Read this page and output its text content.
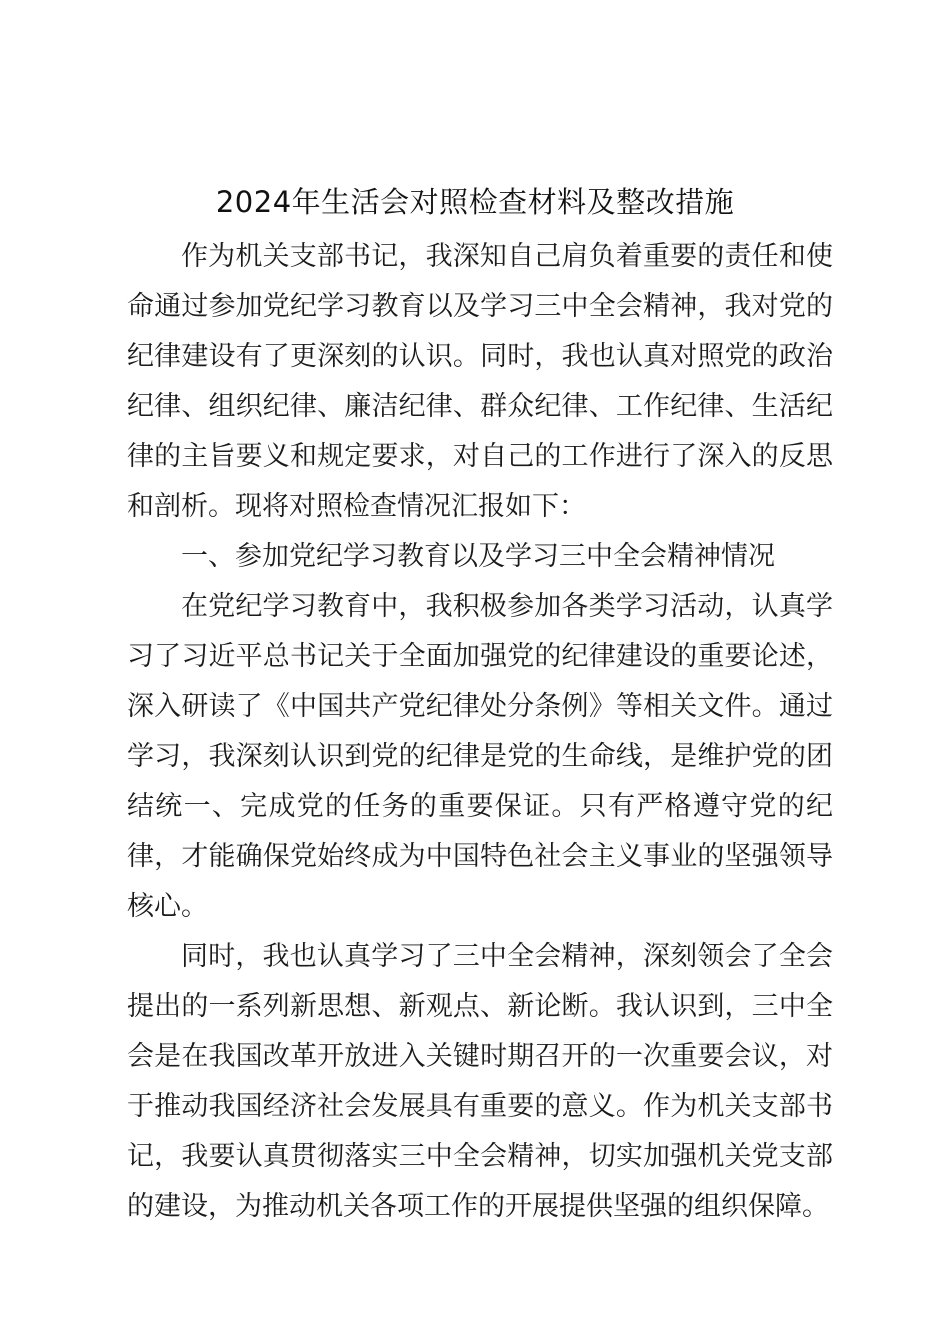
2024年生活会对照检查材料及整改措施

作为机关支部书记，我深知自己肩负着重要的责任和使命通过参加党纪学习教育以及学习三中全会精神，我对党的纪律建设有了更深刻的认识。同时，我也认真对照党的政治纪律、组织纪律、廉洁纪律、群众纪律、工作纪律、生活纪律的主旨要义和规定要求，对自己的工作进行了深入的反思和剖析。现将对照检查情况汇报如下：

一、参加党纪学习教育以及学习三中全会精神情况

在党纪学习教育中，我积极参加各类学习活动，认真学习了习近平总书记关于全面加强党的纪律建设的重要论述，深入研读了《中国共产党纪律处分条例》等相关文件。通过学习，我深刻认识到党的纪律是党的生命线，是维护党的团结统一、完成党的任务的重要保证。只有严格遵守党的纪律，才能确保党始终成为中国特色社会主义事业的坚强领导核心。

同时，我也认真学习了三中全会精神，深刻领会了全会提出的一系列新思想、新观点、新论断。我认识到，三中全会是在我国改革开放进入关键时期召开的一次重要会议，对于推动我国经济社会发展具有重要的意义。作为机关支部书记，我要认真贯彻落实三中全会精神，切实加强机关党支部的建设，为推动机关各项工作的开展提供坚强的组织保障。
